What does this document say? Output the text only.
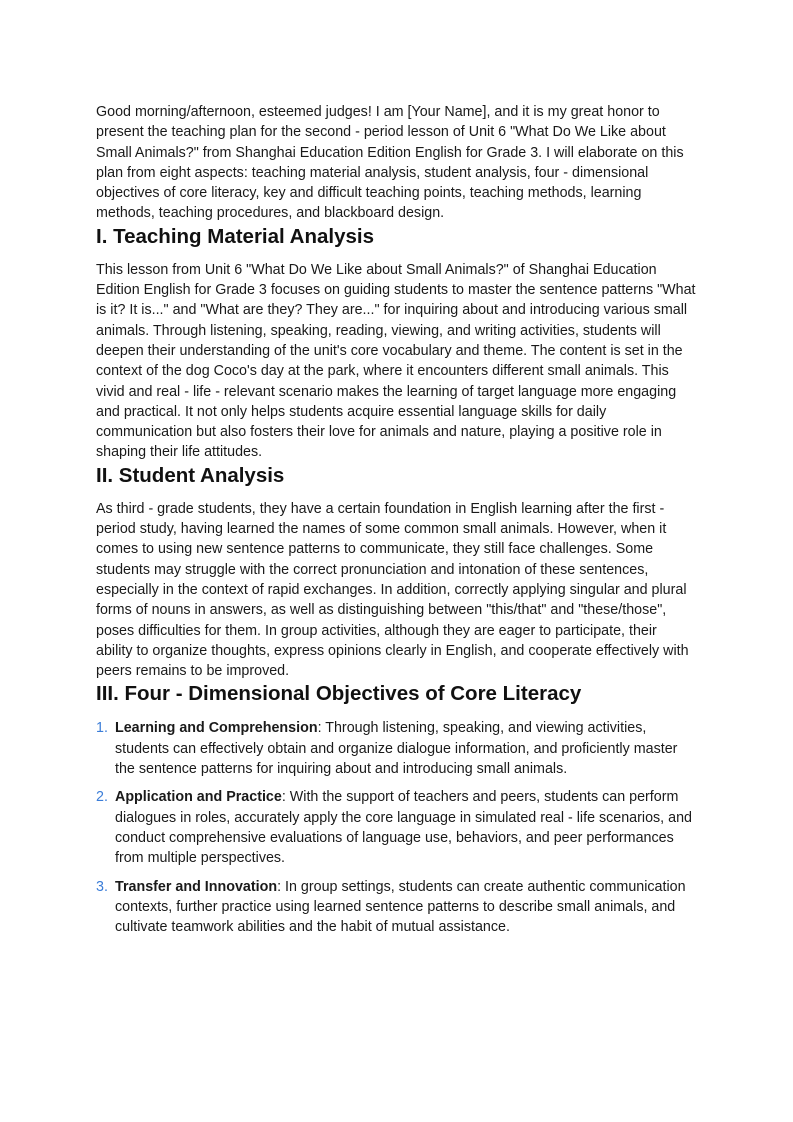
Good morning/afternoon, esteemed judges! I am [Your Name], and it is my great honor to present the teaching plan for the second - period lesson of Unit 6 "What Do We Like about Small Animals?" from Shanghai Education Edition English for Grade 3. I will elaborate on this plan from eight aspects: teaching material analysis, student analysis, four - dimensional objectives of core literacy, key and difficult teaching points, teaching methods, learning methods, teaching procedures, and blackboard design.

I. Teaching Material Analysis

This lesson from Unit 6 "What Do We Like about Small Animals?" of Shanghai Education Edition English for Grade 3 focuses on guiding students to master the sentence patterns "What is it? It is..." and "What are they? They are..." for inquiring about and introducing various small animals. Through listening, speaking, reading, viewing, and writing activities, students will deepen their understanding of the unit's core vocabulary and theme. The content is set in the context of the dog Coco's day at the park, where it encounters different small animals. This vivid and real - life - relevant scenario makes the learning of target language more engaging and practical. It not only helps students acquire essential language skills for daily communication but also fosters their love for animals and nature, playing a positive role in shaping their life attitudes.

II. Student Analysis

As third - grade students, they have a certain foundation in English learning after the first - period study, having learned the names of some common small animals. However, when it comes to using new sentence patterns to communicate, they still face challenges. Some students may struggle with the correct pronunciation and intonation of these sentences, especially in the context of rapid exchanges. In addition, correctly applying singular and plural forms of nouns in answers, as well as distinguishing between "this/that" and "these/those", poses difficulties for them. In group activities, although they are eager to participate, their ability to organize thoughts, express opinions clearly in English, and cooperate effectively with peers remains to be improved.

III. Four - Dimensional Objectives of Core Literacy
1. Learning and Comprehension: Through listening, speaking, and viewing activities, students can effectively obtain and organize dialogue information, and proficiently master the sentence patterns for inquiring about and introducing small animals.
2. Application and Practice: With the support of teachers and peers, students can perform dialogues in roles, accurately apply the core language in simulated real - life scenarios, and conduct comprehensive evaluations of language use, behaviors, and peer performances from multiple perspectives.
3. Transfer and Innovation: In group settings, students can create authentic communication contexts, further practice using learned sentence patterns to describe small animals, and cultivate teamwork abilities and the habit of mutual assistance.
